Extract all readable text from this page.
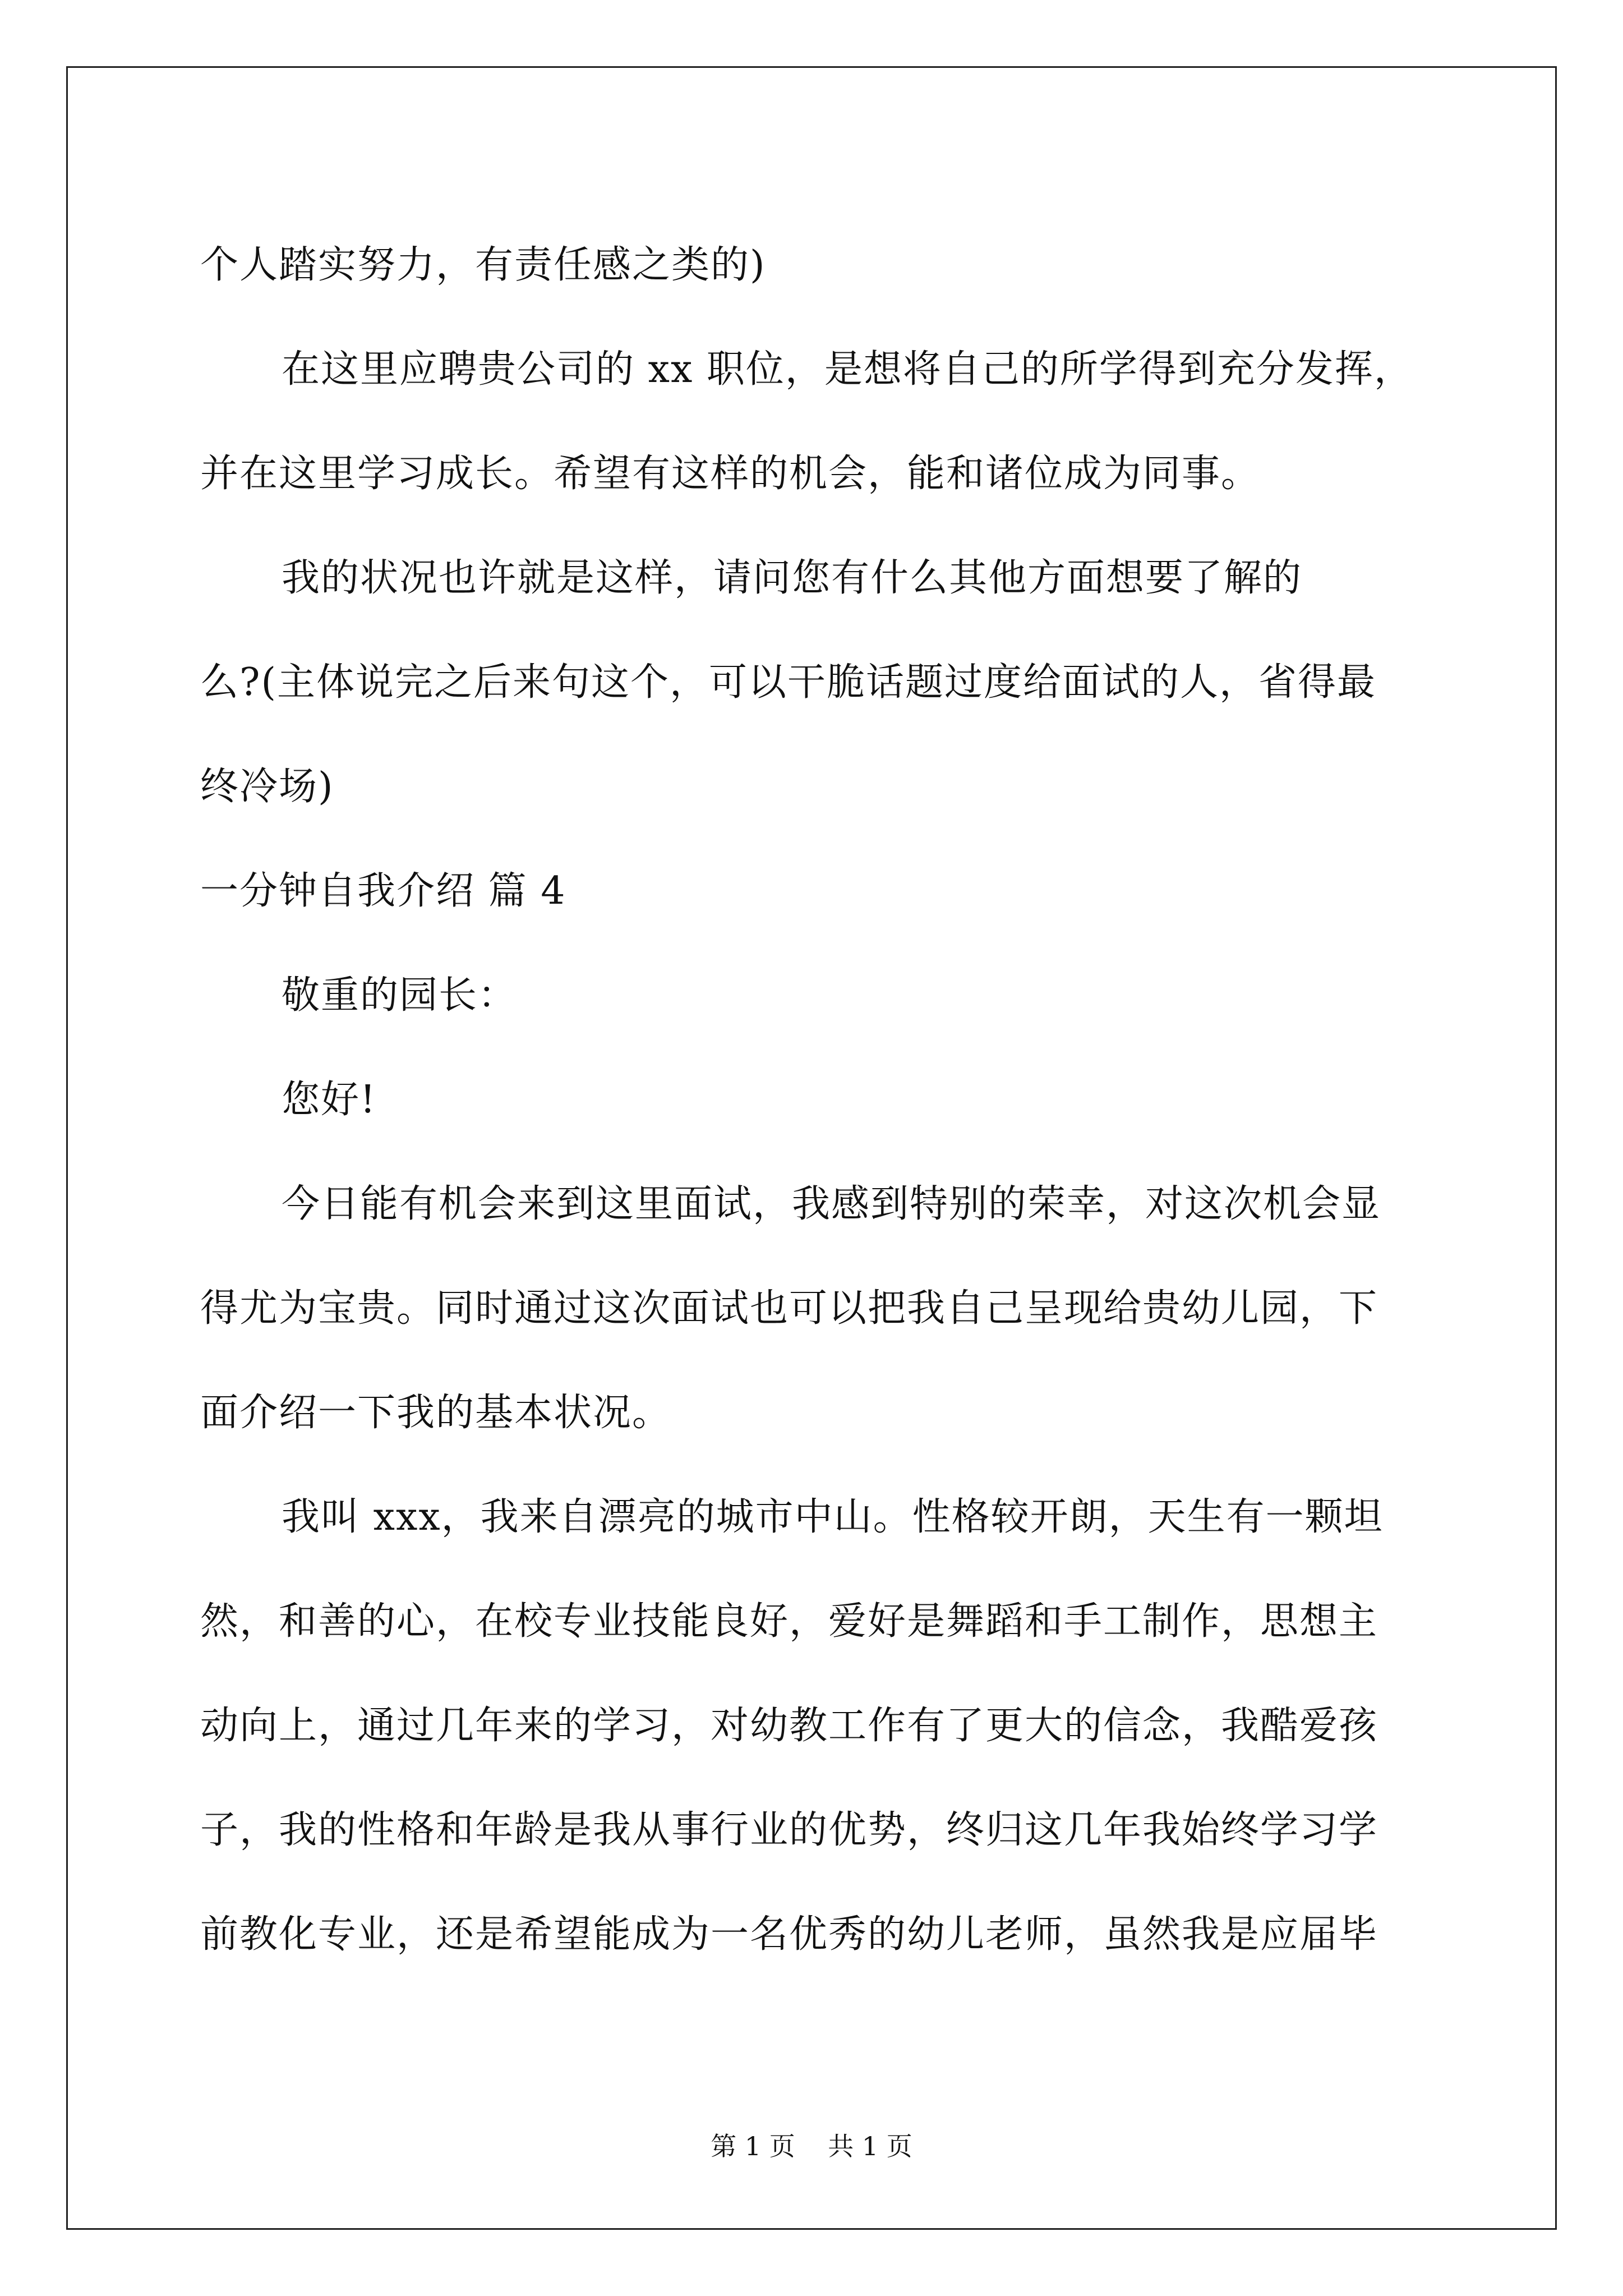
个人踏实努力，有责任感之类的)
在这里应聘贵公司的 xx 职位，是想将自己的所学得到充分发挥，
并在这里学习成长。希望有这样的机会，能和诸位成为同事。
我的状况也许就是这样，请问您有什么其他方面想要了解的
么?(主体说完之后来句这个，可以干脆话题过度给面试的人，省得最
终冷场)
一分钟自我介绍 篇 4
敬重的园长：
您好!
今日能有机会来到这里面试，我感到特别的荣幸，对这次机会显
得尤为宝贵。同时通过这次面试也可以把我自己呈现给贵幼儿园，下
面介绍一下我的基本状况。
我叫 xxx，我来自漂亮的城市中山。性格较开朗，天生有一颗坦
然，和善的心，在校专业技能良好，爱好是舞蹈和手工制作，思想主
动向上，通过几年来的学习，对幼教工作有了更大的信念，我酷爱孩
子，我的性格和年龄是我从事行业的优势，终归这几年我始终学习学
前教化专业，还是希望能成为一名优秀的幼儿老师，虽然我是应届毕
第 1 页    共 1 页
